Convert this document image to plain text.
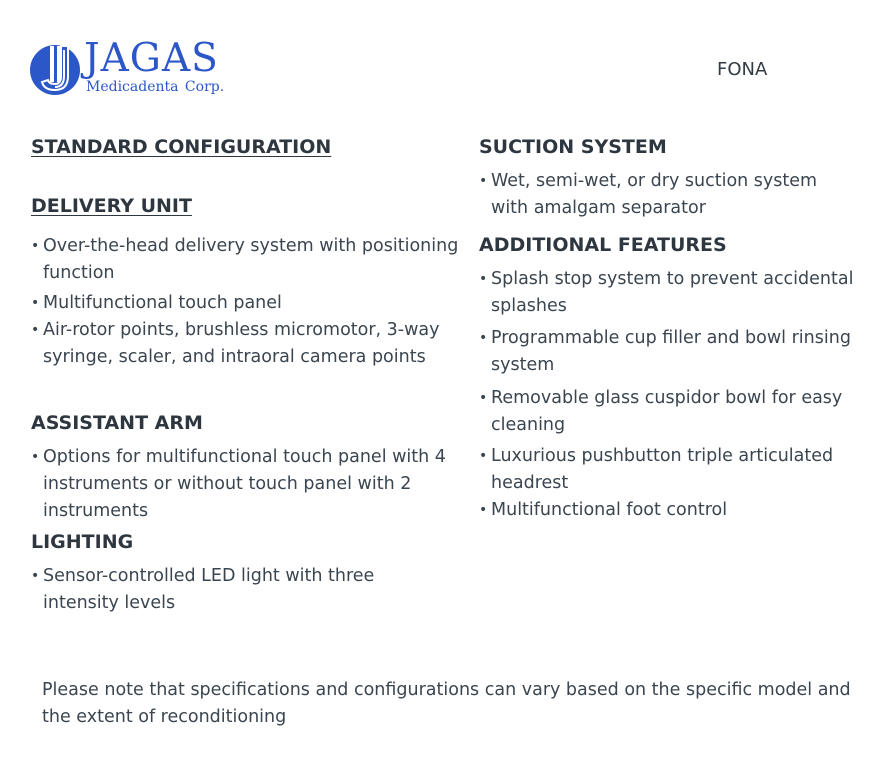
JAGAS
Medicadenta Corp.
FONA
STANDARD CONFIGURATION
DELIVERY UNIT
• Over-the-head delivery system with positioning function
• Multifunctional touch panel
• Air-rotor points, brushless micromotor, 3-way syringe, scaler, and intraoral camera points
ASSISTANT ARM
• Options for multifunctional touch panel with 4 instruments or without touch panel with 2 instruments
LIGHTING
• Sensor-controlled LED light with three intensity levels
SUCTION SYSTEM
• Wet, semi-wet, or dry suction system with amalgam separator
ADDITIONAL FEATURES
• Splash stop system to prevent accidental splashes
• Programmable cup filler and bowl rinsing system
• Removable glass cuspidor bowl for easy cleaning
• Luxurious pushbutton triple articulated headrest
• Multifunctional foot control
Please note that specifications and configurations can vary based on the specific model and the extent of reconditioning
